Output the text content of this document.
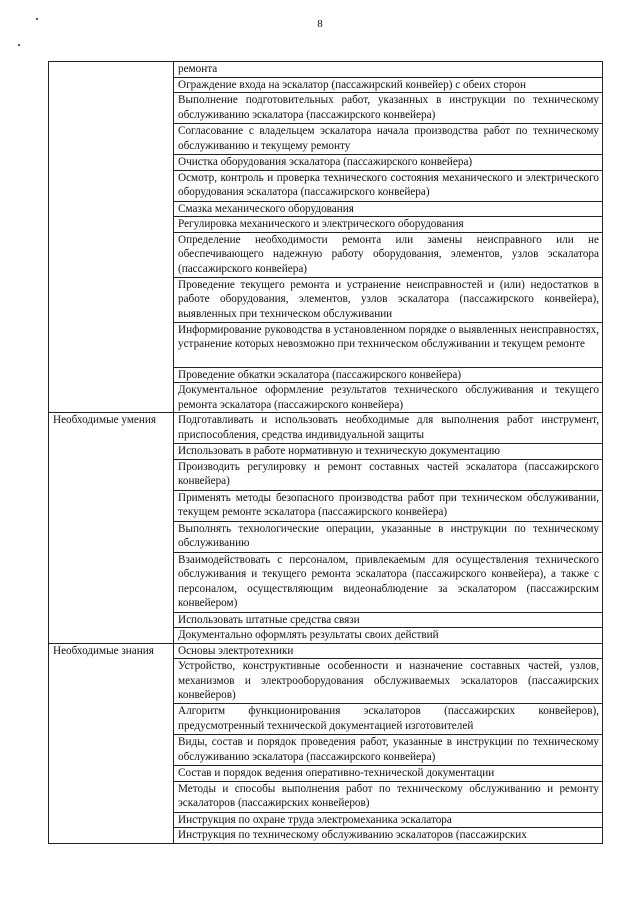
8
	ремонта
	Ограждение входа на эскалатор (пассажирский конвейер) с обеих сторон
	Выполнение подготовительных работ, указанных в инструкции по техническому обслуживанию эскалатора (пассажирского конвейера)
	Согласование с владельцем эскалатора начала производства работ по техническому обслуживанию и текущему ремонту
	Очистка оборудования эскалатора (пассажирского конвейера)
	Осмотр, контроль и проверка технического состояния механического и электрического оборудования эскалатора (пассажирского конвейера)
	Смазка механического оборудования
	Регулировка механического и электрического оборудования
	Определение необходимости ремонта или замены неисправного или не обеспечивающего надежную работу оборудования, элементов, узлов эскалатора (пассажирского конвейера)
	Проведение текущего ремонта и устранение неисправностей и (или) недостатков в работе оборудования, элементов, узлов эскалатора (пассажирского конвейера), выявленных при техническом обслуживании
	Информирование руководства в установленном порядке о выявленных неисправностях, устранение которых невозможно при техническом обслуживании и текущем ремонте
	Проведение обкатки эскалатора (пассажирского конвейера)
	Документальное оформление результатов технического обслуживания и текущего ремонта эскалатора (пассажирского конвейера)
Необходимые умения	Подготавливать и использовать необходимые для выполнения работ инструмент, приспособления, средства индивидуальной защиты
	Использовать в работе нормативную и техническую документацию
	Производить регулировку и ремонт составных частей эскалатора (пассажирского конвейера)
	Применять методы безопасного производства работ при техническом обслуживании, текущем ремонте эскалатора (пассажирского конвейера)
	Выполнять технологические операции, указанные в инструкции по техническому обслуживанию
	Взаимодействовать с персоналом, привлекаемым для осуществления технического обслуживания и текущего ремонта эскалатора (пассажирского конвейера), а также с персоналом, осуществляющим видеонаблюдение за эскалатором (пассажирским конвейером)
	Использовать штатные средства связи
	Документально оформлять результаты своих действий
Необходимые знания	Основы электротехники
	Устройство, конструктивные особенности и назначение составных частей, узлов, механизмов и электрооборудования обслуживаемых эскалаторов (пассажирских конвейеров)
	Алгоритм функционирования эскалаторов (пассажирских конвейеров), предусмотренный технической документацией изготовителей
	Виды, состав и порядок проведения работ, указанные в инструкции по техническому обслуживанию эскалатора (пассажирского конвейера)
	Состав и порядок ведения оперативно-технической документации
	Методы и способы выполнения работ по техническому обслуживанию и ремонту эскалаторов (пассажирских конвейеров)
	Инструкция по охране труда электромеханика эскалатора
	Инструкция по техническому обслуживанию эскалаторов (пассажирских
